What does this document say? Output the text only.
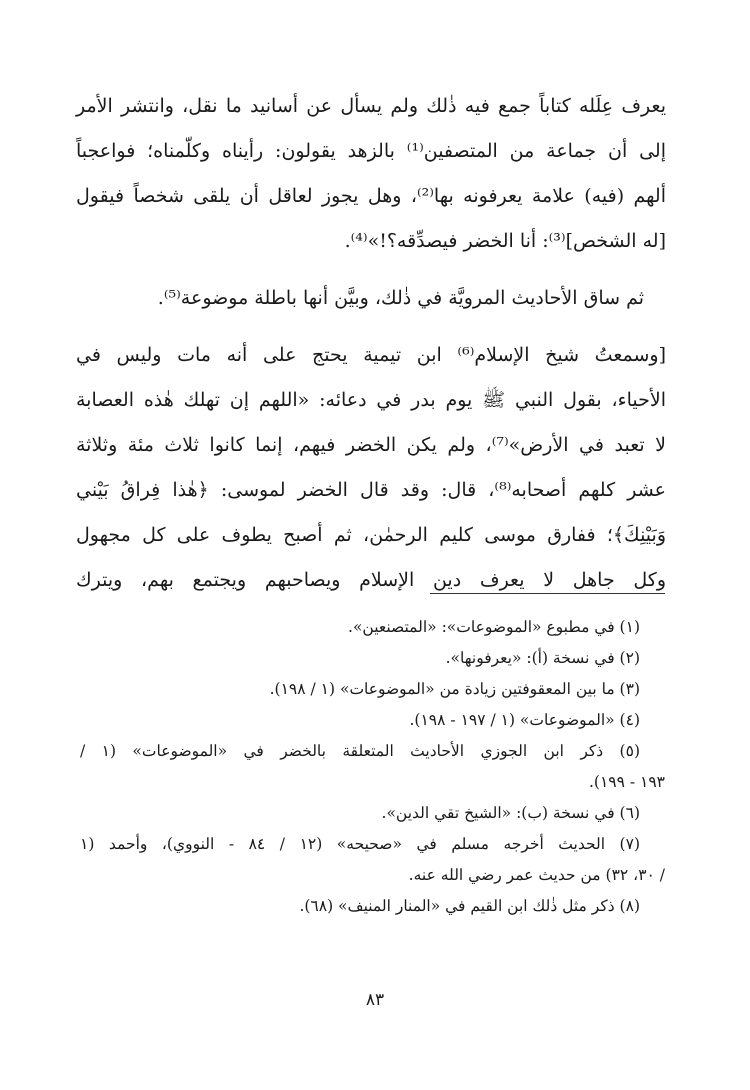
يعرف عِلَله كتاباً جمع فيه ذٰلك ولم يسأل عن أسانيد ما نقل، وانتشر الأمر
إلى أن جماعة من المتصفين⁽¹⁾ بالزهد يقولون: رأيناه وكلّمناه؛ فواعجباً
ألهم (فيه) علامة يعرفونه بها⁽²⁾، وهل يجوز لعاقل أن يلقى شخصاً فيقول
[له الشخص]⁽³⁾: أنا الخضر فيصدِّقه؟!»⁽⁴⁾.
ثم ساق الأحاديث المرويَّة في ذٰلك، وبيَّن أنها باطلة موضوعة⁽⁵⁾.
[وسمعتُ شيخ الإسلام⁽⁶⁾ ابن تيمية يحتج على أنه مات وليس في
الأحياء، بقول النبي ﷺ يوم بدر في دعائه: «اللهم إن تهلك هٰذه العصابة
لا تعبد في الأرض»⁽⁷⁾، ولم يكن الخضر فيهم، إنما كانوا ثلاث مئة وثلاثة
عشر كلهم أصحابه⁽⁸⁾، قال: وقد قال الخضر لموسى: ﴿هٰذا فِراقُ بَيْني
وَبَيْنِكَ﴾؛ ففارق موسى كليم الرحمٰن، ثم أصبح يطوف على كل مجهول
وكل جاهل لا يعرف دين الإسلام ويصاحبهم ويجتمع بهم، ويترك
(١) في مطبوع «الموضوعات»: «المتصنعين».
(٢) في نسخة (أ): «يعرفونها».
(٣) ما بين المعقوفتين زيادة من «الموضوعات» (١ / ١٩٨).
(٤) «الموضوعات» (١ / ١٩٧ - ١٩٨).
(٥) ذكر ابن الجوزي الأحاديث المتعلقة بالخضر في «الموضوعات» (١ /
١٩٣ - ١٩٩).
(٦) في نسخة (ب): «الشيخ تقي الدين».
(٧) الحديث أخرجه مسلم في «صحيحه» (١٢ / ٨٤ - النووي)، وأحمد (١
/ ٣٠، ٣٢) من حديث عمر رضي الله عنه.
(٨) ذكر مثل ذٰلك ابن القيم في «المنار المنيف» (٦٨).
٨٣
